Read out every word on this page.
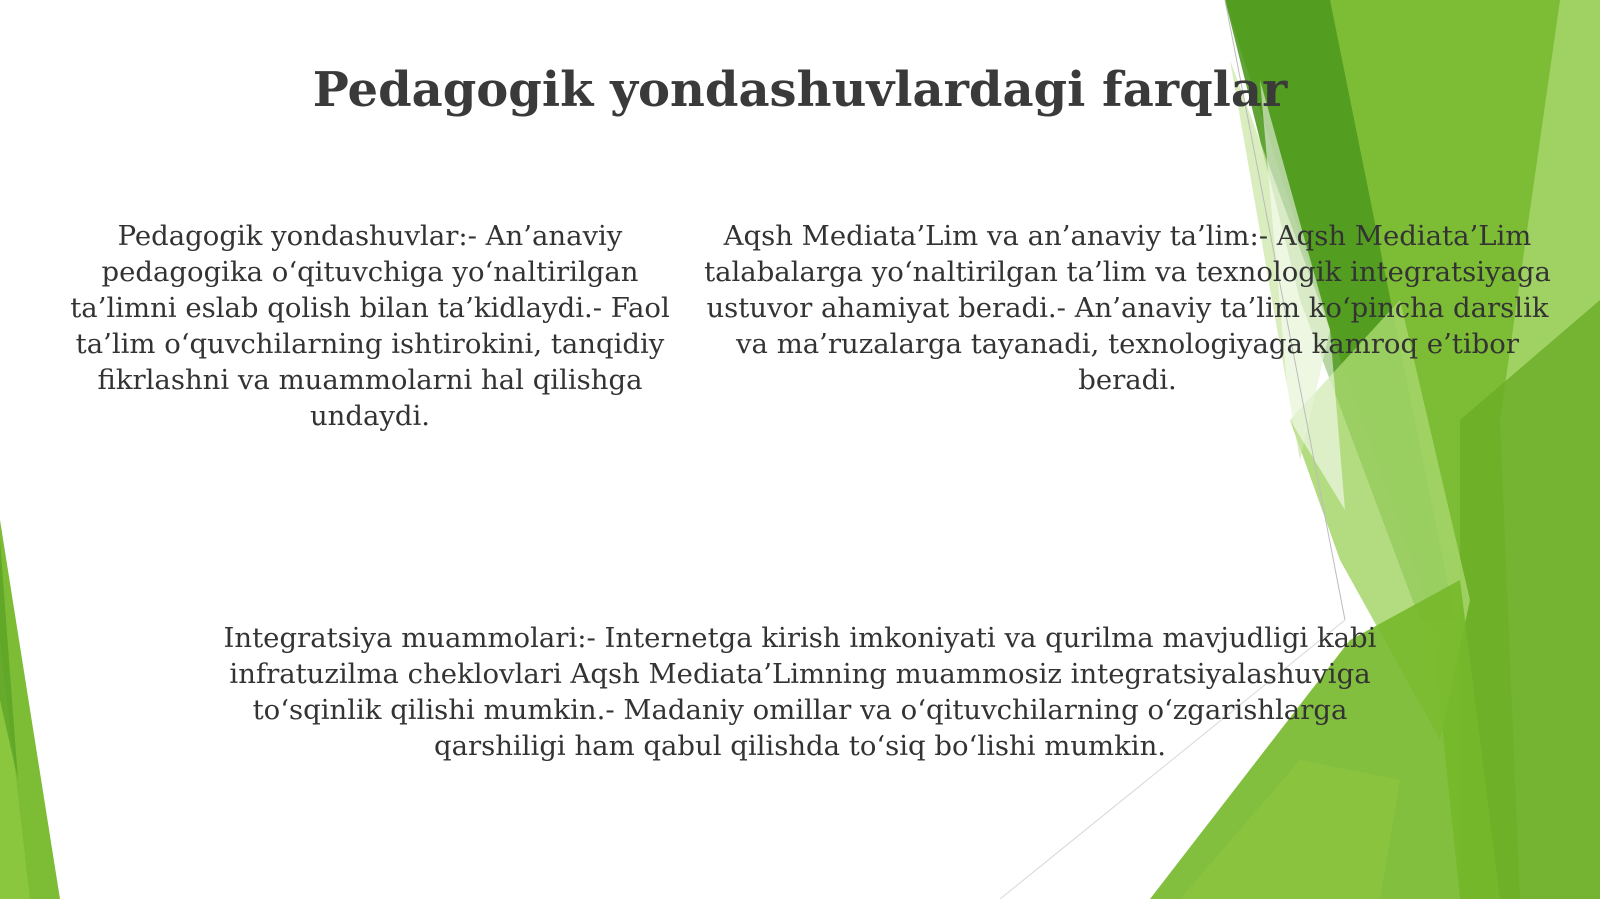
Pedagogik yondashuvlardagi farqlar

Pedagogik yondashuvlar:- An’anaviy pedagogika o‘qituvchiga yo‘naltirilgan ta’limni eslab qolish bilan ta’kidlaydi.- Faol ta’lim o‘quvchilarning ishtirokini, tanqidiy fikrlashni va muammolarni hal qilishga undaydi.

Aqsh Mediata’Lim va an’anaviy ta’lim:- Aqsh Mediata’Lim talabalarga yo‘naltirilgan ta’lim va texnologik integratsiyaga ustuvor ahamiyat beradi.- An’anaviy ta’lim ko‘pincha darslik va ma’ruzalarga tayanadi, texnologiyaga kamroq e’tibor beradi.

Integratsiya muammolari:- Internetga kirish imkoniyati va qurilma mavjudligi kabi infratuzilma cheklovlari Aqsh Mediata’Limning muammosiz integratsiyalashuviga to‘sqinlik qilishi mumkin.- Madaniy omillar va o‘qituvchilarning o‘zgarishlarga qarshiligi ham qabul qilishda to‘siq bo‘lishi mumkin.
